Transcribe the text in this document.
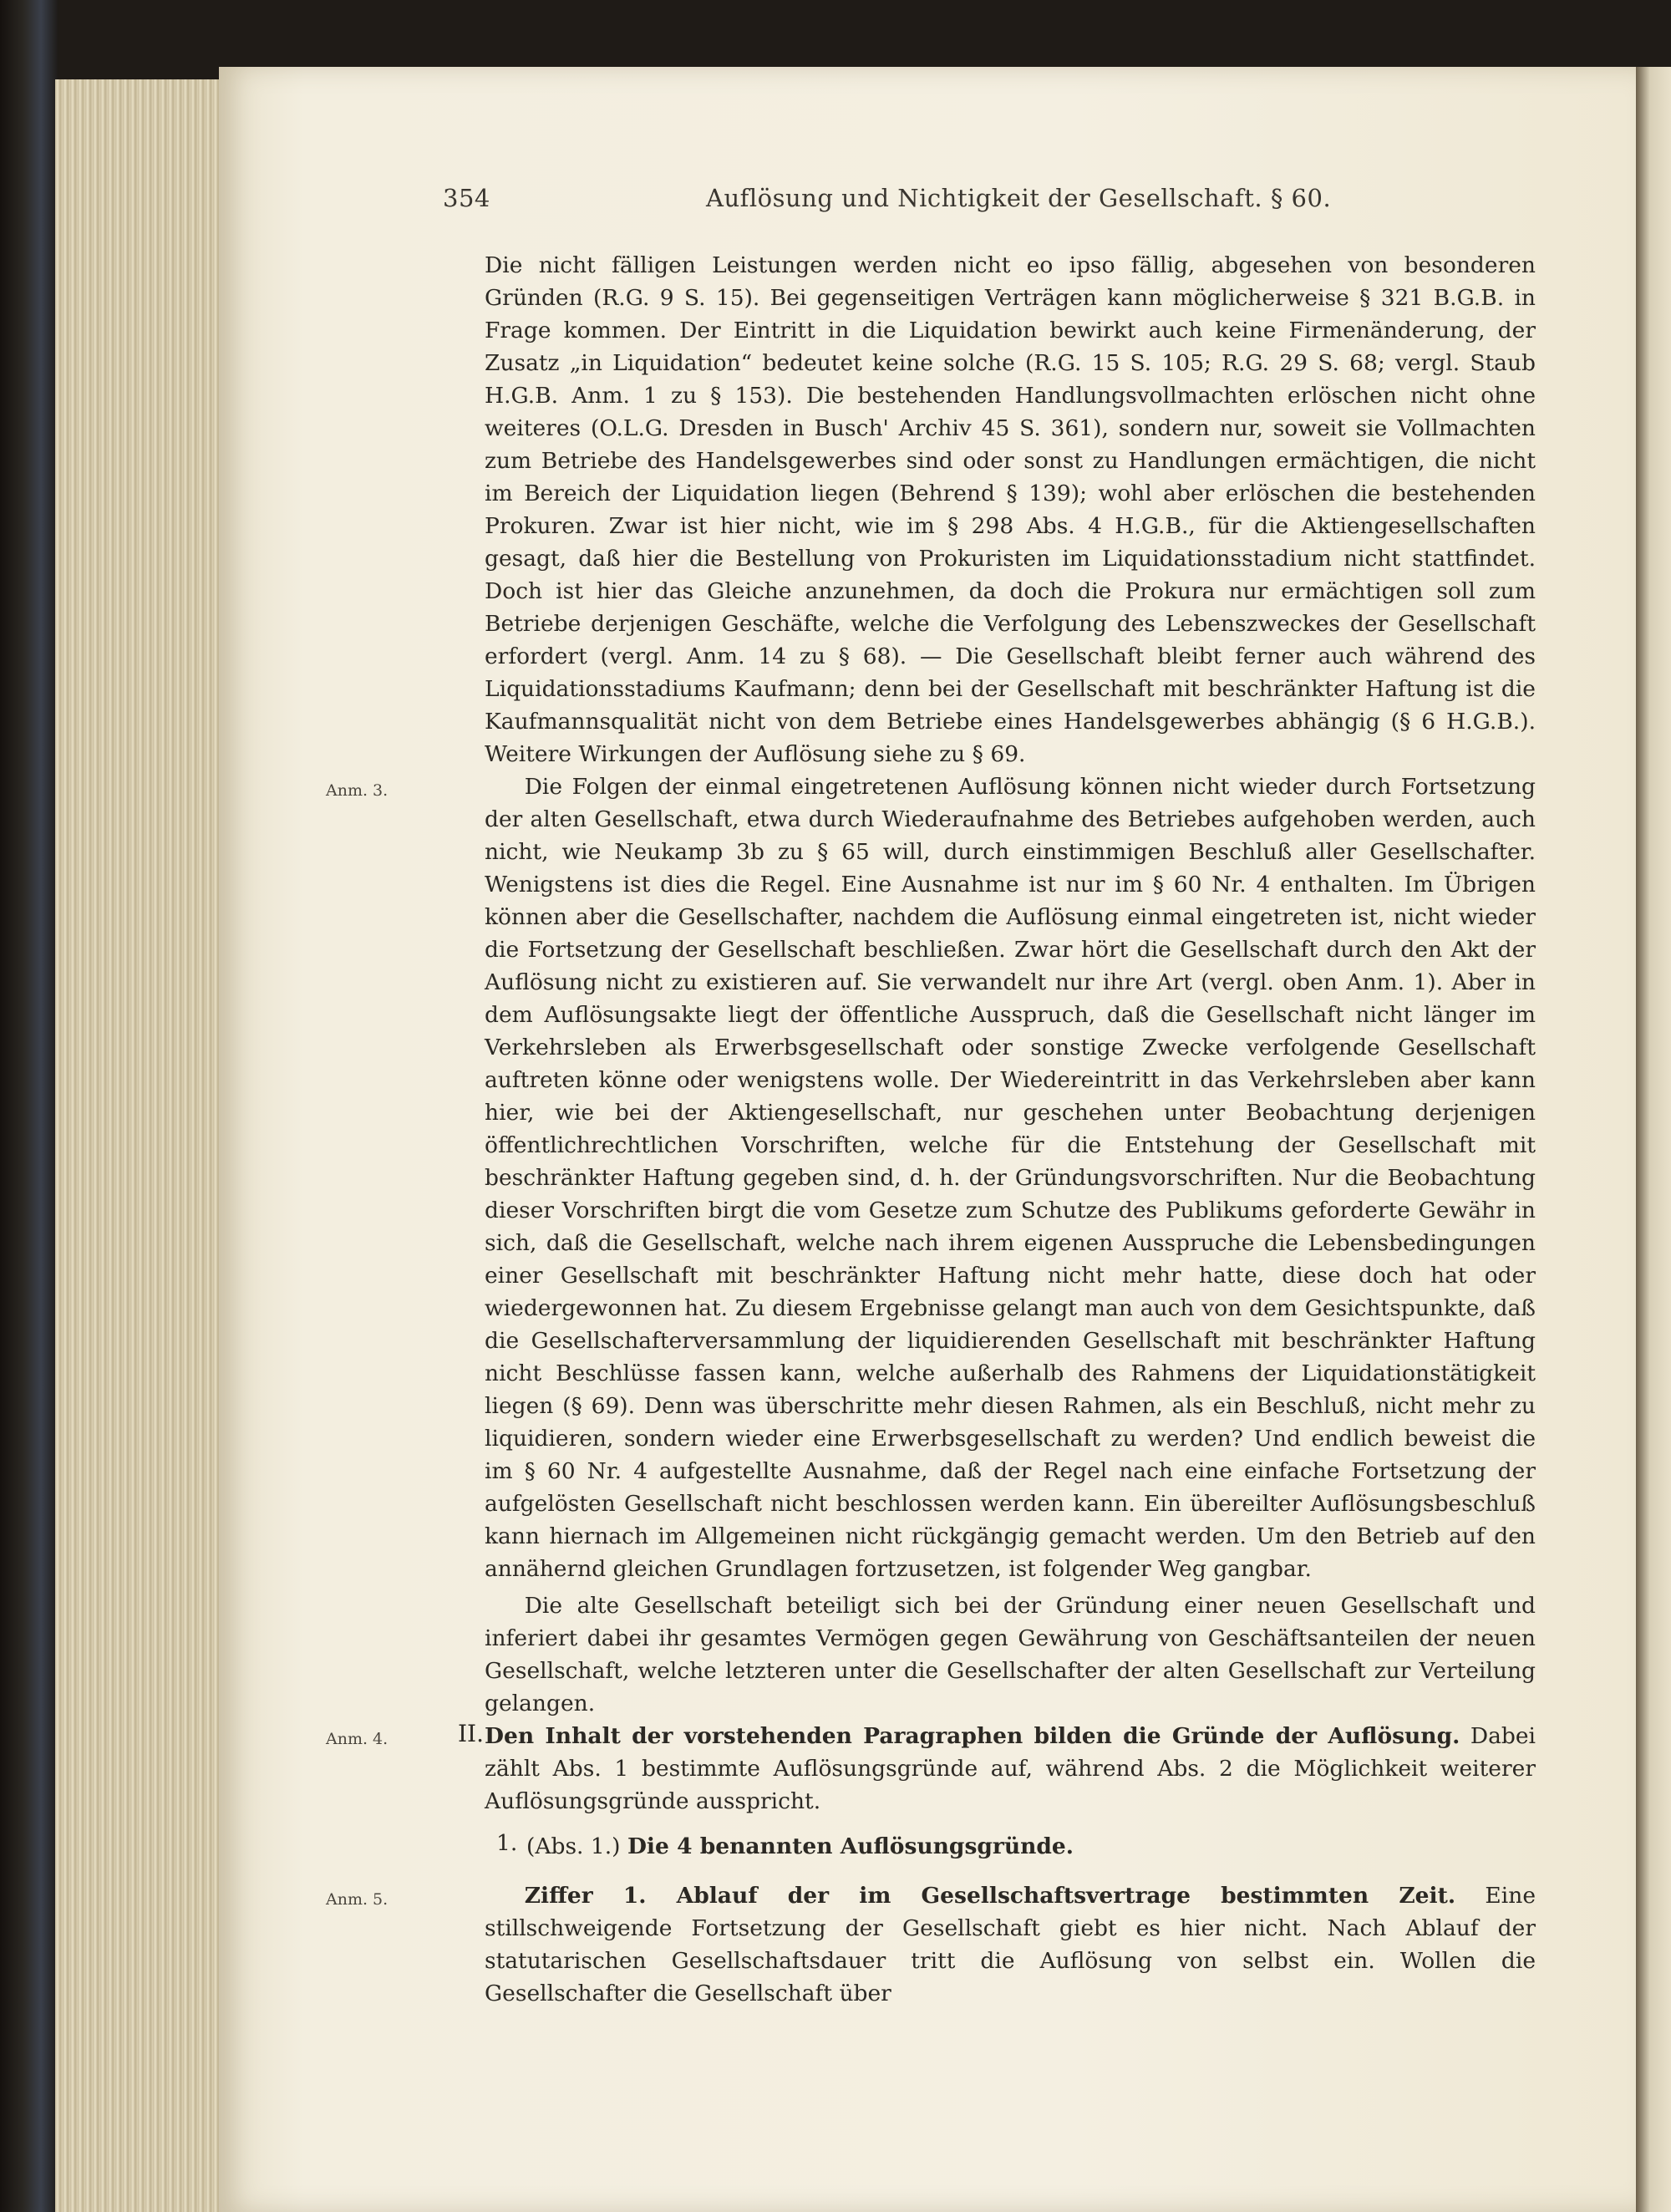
354	Auflösung und Nichtigkeit der Gesellschaft. § 60.

Die nicht fälligen Leistungen werden nicht eo ipso fällig, abgesehen von besonderen Gründen (R.G. 9 S. 15). Bei gegenseitigen Verträgen kann möglicherweise § 321 B.G.B. in Frage kommen. Der Eintritt in die Liquidation bewirkt auch keine Firmenänderung, der Zusatz „in Liquidation“ bedeutet keine solche (R.G. 15 S. 105; R.G. 29 S. 68; vergl. Staub H.G.B. Anm. 1 zu § 153). Die bestehenden Handlungsvollmachten erlöschen nicht ohne weiteres (O.L.G. Dresden in Busch' Archiv 45 S. 361), sondern nur, soweit sie Vollmachten zum Betriebe des Handelsgewerbes sind oder sonst zu Handlungen ermächtigen, die nicht im Bereich der Liquidation liegen (Behrend § 139); wohl aber erlöschen die bestehenden Prokuren. Zwar ist hier nicht, wie im § 298 Abs. 4 H.G.B., für die Aktiengesellschaften gesagt, daß hier die Bestellung von Prokuristen im Liquidationsstadium nicht stattfindet. Doch ist hier das Gleiche anzunehmen, da doch die Prokura nur ermächtigen soll zum Betriebe derjenigen Geschäfte, welche die Verfolgung des Lebenszweckes der Gesellschaft erfordert (vergl. Anm. 14 zu § 68). — Die Gesellschaft bleibt ferner auch während des Liquidationsstadiums Kaufmann; denn bei der Gesellschaft mit beschränkter Haftung ist die Kaufmannsqualität nicht von dem Betriebe eines Handelsgewerbes abhängig (§ 6 H.G.B.). Weitere Wirkungen der Auflösung siehe zu § 69.

Anm. 3.	Die Folgen der einmal eingetretenen Auflösung können nicht wieder durch Fortsetzung der alten Gesellschaft, etwa durch Wiederaufnahme des Betriebes aufgehoben werden, auch nicht, wie Neukamp 3b zu § 65 will, durch einstimmigen Beschluß aller Gesellschafter. Wenigstens ist dies die Regel. Eine Ausnahme ist nur im § 60 Nr. 4 enthalten. Im Übrigen können aber die Gesellschafter, nachdem die Auflösung einmal eingetreten ist, nicht wieder die Fortsetzung der Gesellschaft beschließen. Zwar hört die Gesellschaft durch den Akt der Auflösung nicht zu existieren auf. Sie verwandelt nur ihre Art (vergl. oben Anm. 1). Aber in dem Auflösungsakte liegt der öffentliche Ausspruch, daß die Gesellschaft nicht länger im Verkehrsleben als Erwerbsgesellschaft oder sonstige Zwecke verfolgende Gesellschaft auftreten könne oder wenigstens wolle. Der Wiedereintritt in das Verkehrsleben aber kann hier, wie bei der Aktiengesellschaft, nur geschehen unter Beobachtung derjenigen öffentlichrechtlichen Vorschriften, welche für die Entstehung der Gesellschaft mit beschränkter Haftung gegeben sind, d. h. der Gründungsvorschriften. Nur die Beobachtung dieser Vorschriften birgt die vom Gesetze zum Schutze des Publikums geforderte Gewähr in sich, daß die Gesellschaft, welche nach ihrem eigenen Ausspruche die Lebensbedingungen einer Gesellschaft mit beschränkter Haftung nicht mehr hatte, diese doch hat oder wiedergewonnen hat. Zu diesem Ergebnisse gelangt man auch von dem Gesichtspunkte, daß die Gesellschafterversammlung der liquidierenden Gesellschaft mit beschränkter Haftung nicht Beschlüsse fassen kann, welche außerhalb des Rahmens der Liquidationstätigkeit liegen (§ 69). Denn was überschritte mehr diesen Rahmen, als ein Beschluß, nicht mehr zu liquidieren, sondern wieder eine Erwerbsgesellschaft zu werden? Und endlich beweist die im § 60 Nr. 4 aufgestellte Ausnahme, daß der Regel nach eine einfache Fortsetzung der aufgelösten Gesellschaft nicht beschlossen werden kann. Ein übereilter Auflösungsbeschluß kann hiernach im Allgemeinen nicht rückgängig gemacht werden. Um den Betrieb auf den annähernd gleichen Grundlagen fortzusetzen, ist folgender Weg gangbar.

Die alte Gesellschaft beteiligt sich bei der Gründung einer neuen Gesellschaft und inferiert dabei ihr gesamtes Vermögen gegen Gewährung von Geschäftsanteilen der neuen Gesellschaft, welche letzteren unter die Gesellschafter der alten Gesellschaft zur Verteilung gelangen.

Anm. 4.	II. Den Inhalt der vorstehenden Paragraphen bilden die Gründe der Auflösung. Dabei zählt Abs. 1 bestimmte Auflösungsgründe auf, während Abs. 2 die Möglichkeit weiterer Auflösungsgründe ausspricht.

1. (Abs. 1.) Die 4 benannten Auflösungsgründe.

Anm. 5.	Ziffer 1. Ablauf der im Gesellschaftsvertrage bestimmten Zeit. Eine stillschweigende Fortsetzung der Gesellschaft giebt es hier nicht. Nach Ablauf der statutarischen Gesellschaftsdauer tritt die Auflösung von selbst ein. Wollen die Gesellschafter die Gesellschaft über
